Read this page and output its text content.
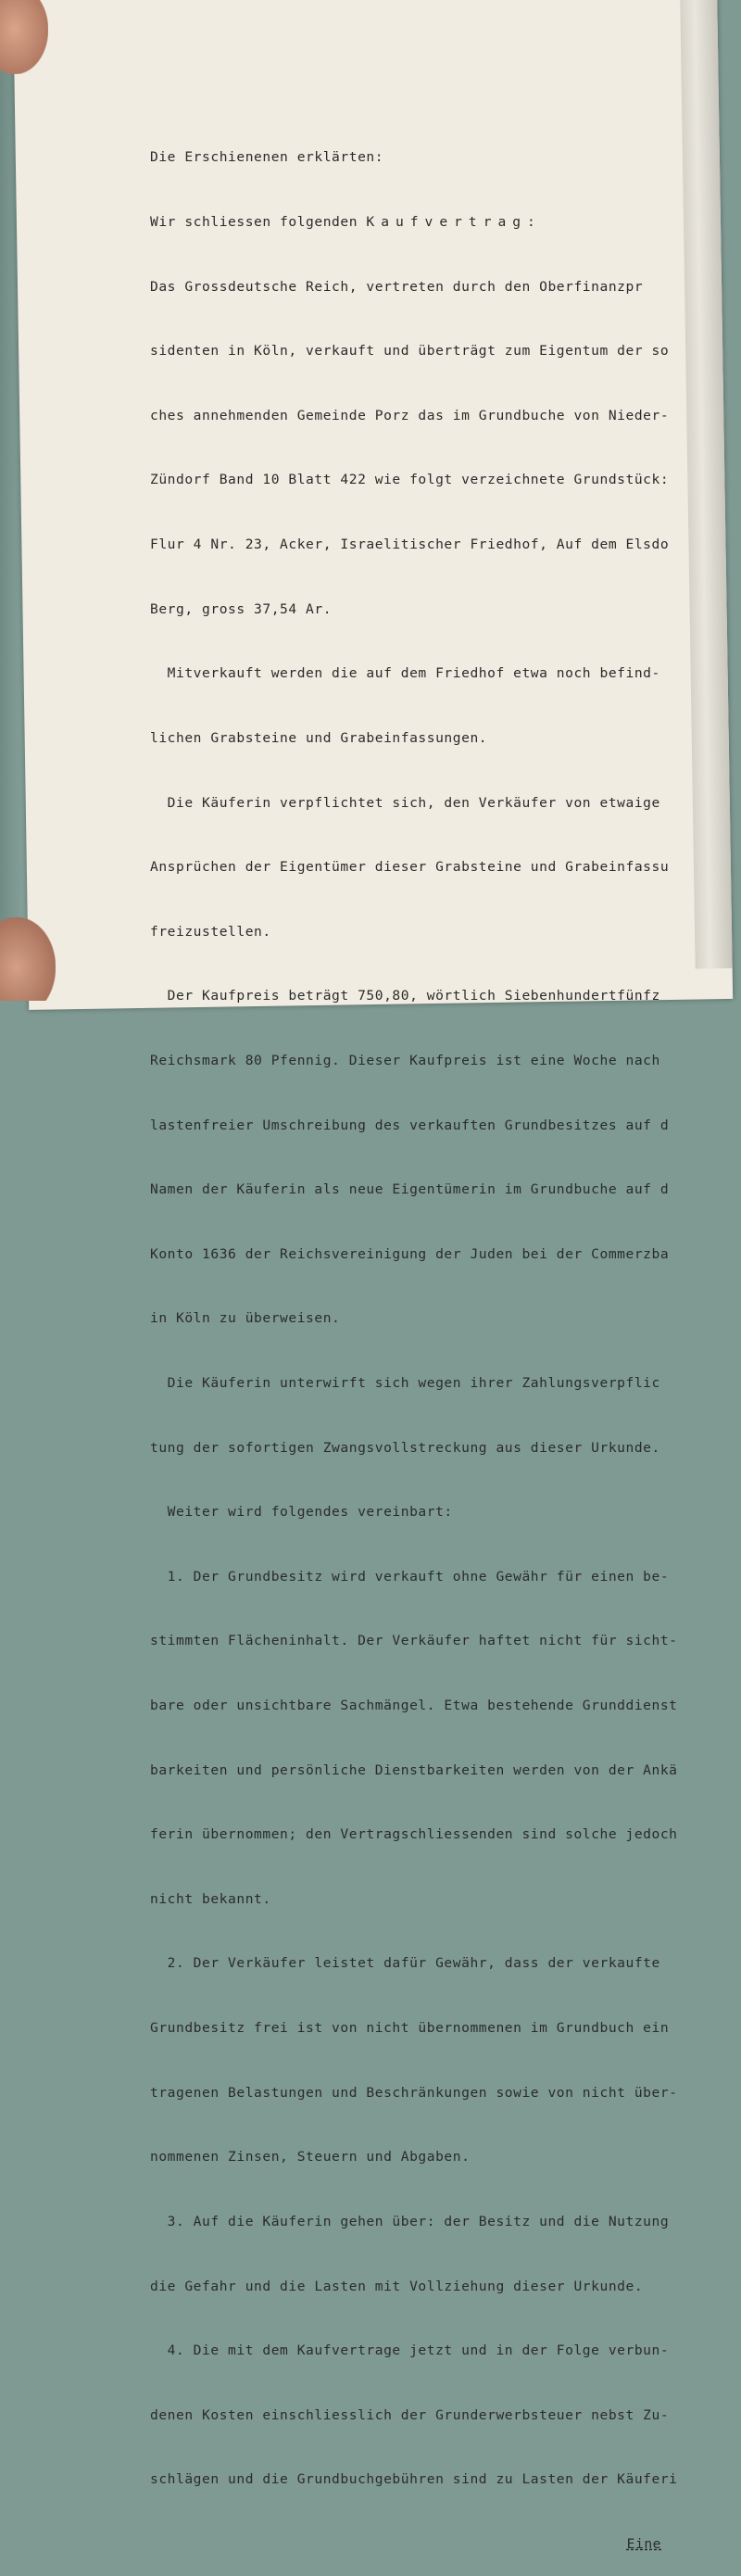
Die Erschienenen erklärten:

Wir schliessen folgenden Kaufvertrag:

Das Grossdeutsche Reich, vertreten durch den Oberfinanzpr

sidenten in Köln, verkauft und überträgt zum Eigentum der so

ches annehmenden Gemeinde Porz das im Grundbuche von Nieder-

Zündorf Band 10 Blatt 422 wie folgt verzeichnete Grundstück:

Flur 4 Nr. 23, Acker, Israelitischer Friedhof, Auf dem Elsdo

Berg, gross 37,54 Ar.

Mitverkauft werden die auf dem Friedhof etwa noch befind-

lichen Grabsteine und Grabeinfassungen.

Die Käuferin verpflichtet sich, den Verkäufer von etwaige

Ansprüchen der Eigentümer dieser Grabsteine und Grabeinfassu

freizustellen.

Der Kaufpreis beträgt 750,80, wörtlich Siebenhundertfünfz

Reichsmark 80 Pfennig. Dieser Kaufpreis ist eine Woche nach

lastenfreier Umschreibung des verkauften Grundbesitzes auf d

Namen der Käuferin als neue Eigentümerin im Grundbuche auf d

Konto 1636 der Reichsvereinigung der Juden bei der Commerzba

in Köln zu überweisen.

Die Käuferin unterwirft sich wegen ihrer Zahlungsverpflic

tung der sofortigen Zwangsvollstreckung aus dieser Urkunde.

Weiter wird folgendes vereinbart:

1. Der Grundbesitz wird verkauft ohne Gewähr für einen be-

stimmten Flächeninhalt. Der Verkäufer haftet nicht für sicht-

bare oder unsichtbare Sachmängel. Etwa bestehende Grunddienst

barkeiten und persönliche Dienstbarkeiten werden von der Ankä

ferin übernommen; den Vertragschliessenden sind solche jedoch

nicht bekannt.

2. Der Verkäufer leistet dafür Gewähr, dass der verkaufte

Grundbesitz frei ist von nicht übernommenen im Grundbuch ein

tragenen Belastungen und Beschränkungen sowie von nicht über-

nommenen Zinsen, Steuern und Abgaben.

3. Auf die Käuferin gehen über: der Besitz und die Nutzung

die Gefahr und die Lasten mit Vollziehung dieser Urkunde.

4. Die mit dem Kaufvertrage jetzt und in der Folge verbun-

denen Kosten einschliesslich der Grunderwerbsteuer nebst Zu-

schlägen und die Grundbuchgebühren sind zu Lasten der Käuferi

Eine
